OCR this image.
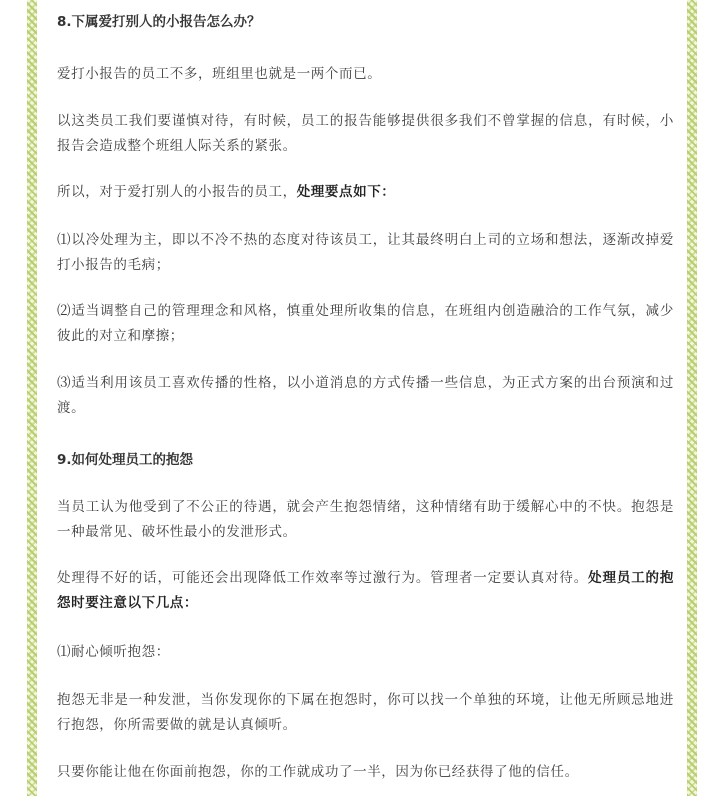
8.下属爱打别人的小报告怎么办？

爱打小报告的员工不多，班组里也就是一两个而已。

以这类员工我们要谨慎对待，有时候，员工的报告能够提供很多我们不曾掌握的信息，有时候，小报告会造成整个班组人际关系的紧张。

所以，对于爱打别人的小报告的员工，处理要点如下：

⑴以冷处理为主，即以不冷不热的态度对待该员工，让其最终明白上司的立场和想法，逐渐改掉爱打小报告的毛病；

⑵适当调整自己的管理理念和风格，慎重处理所收集的信息，在班组内创造融洽的工作气氛，减少彼此的对立和摩擦；

⑶适当利用该员工喜欢传播的性格，以小道消息的方式传播一些信息，为正式方案的出台预演和过渡。

9.如何处理员工的抱怨

当员工认为他受到了不公正的待遇，就会产生抱怨情绪，这种情绪有助于缓解心中的不快。抱怨是一种最常见、破坏性最小的发泄形式。

处理得不好的话，可能还会出现降低工作效率等过激行为。管理者一定要认真对待。处理员工的抱怨时要注意以下几点：

⑴耐心倾听抱怨：

抱怨无非是一种发泄，当你发现你的下属在抱怨时，你可以找一个单独的环境，让他无所顾忌地进行抱怨，你所需要做的就是认真倾听。

只要你能让他在你面前抱怨，你的工作就成功了一半，因为你已经获得了他的信任。
